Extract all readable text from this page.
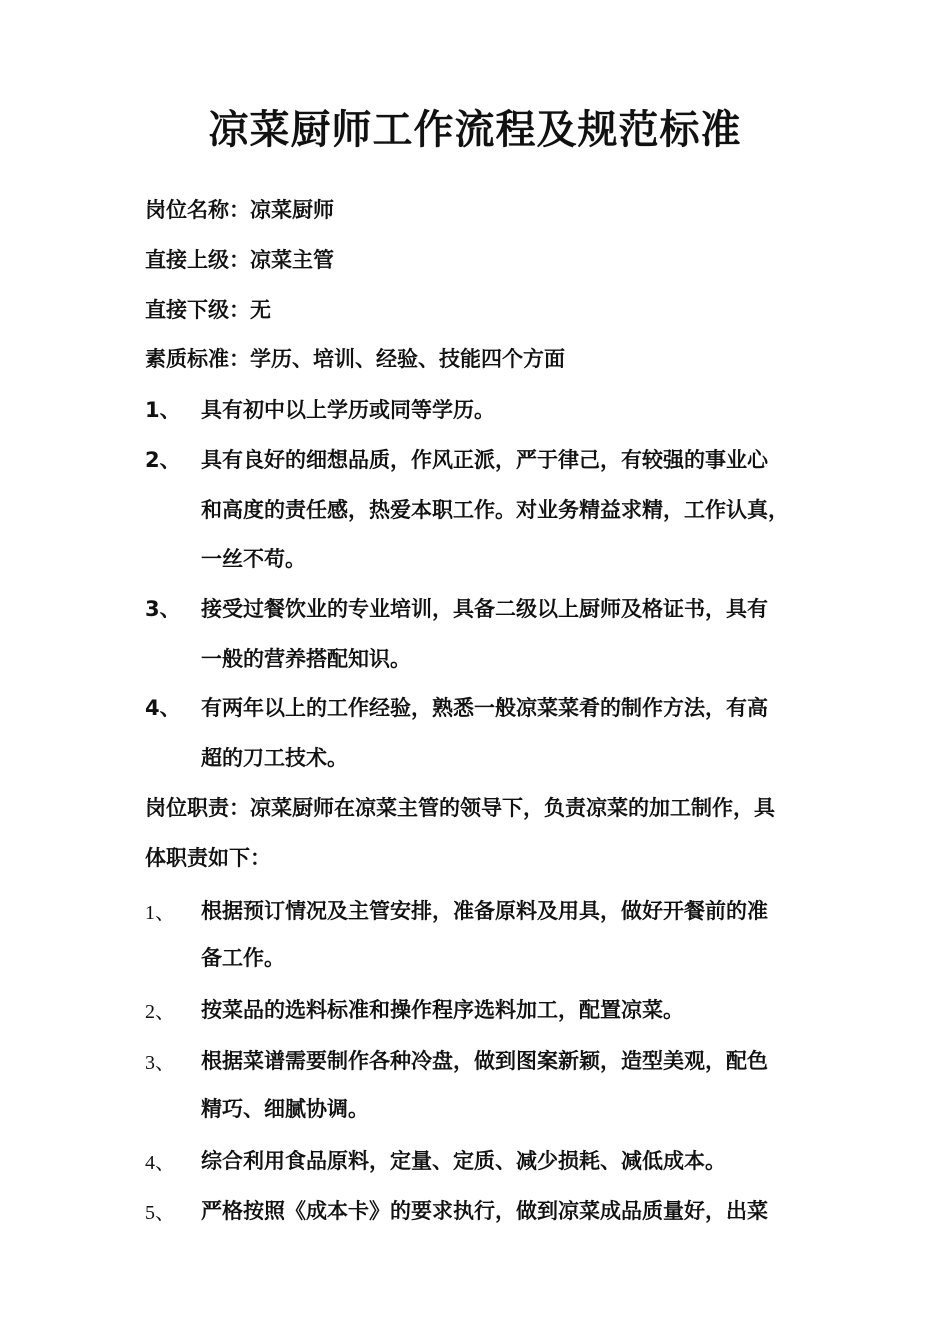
凉菜厨师工作流程及规范标准

岗位名称：凉菜厨师

直接上级：凉菜主管

直接下级：无

素质标准：学历、培训、经验、技能四个方面

1、 具有初中以上学历或同等学历。
2、 具有良好的细想品质，作风正派，严于律己，有较强的事业心
和高度的责任感，热爱本职工作。对业务精益求精，工作认真，
一丝不苟。
3、 接受过餐饮业的专业培训，具备二级以上厨师及格证书，具有
一般的营养搭配知识。
4、 有两年以上的工作经验，熟悉一般凉菜菜肴的制作方法，有高
超的刀工技术。

岗位职责：凉菜厨师在凉菜主管的领导下，负责凉菜的加工制作，具

体职责如下：

1、 根据预订情况及主管安排，准备原料及用具，做好开餐前的准
备工作。
2、 按菜品的选料标准和操作程序选料加工，配置凉菜。
3、 根据菜谱需要制作各种冷盘，做到图案新颖，造型美观，配色
精巧、细腻协调。
4、 综合利用食品原料，定量、定质、减少损耗、减低成本。
5、 严格按照《成本卡》的要求执行，做到凉菜成品质量好，出菜
